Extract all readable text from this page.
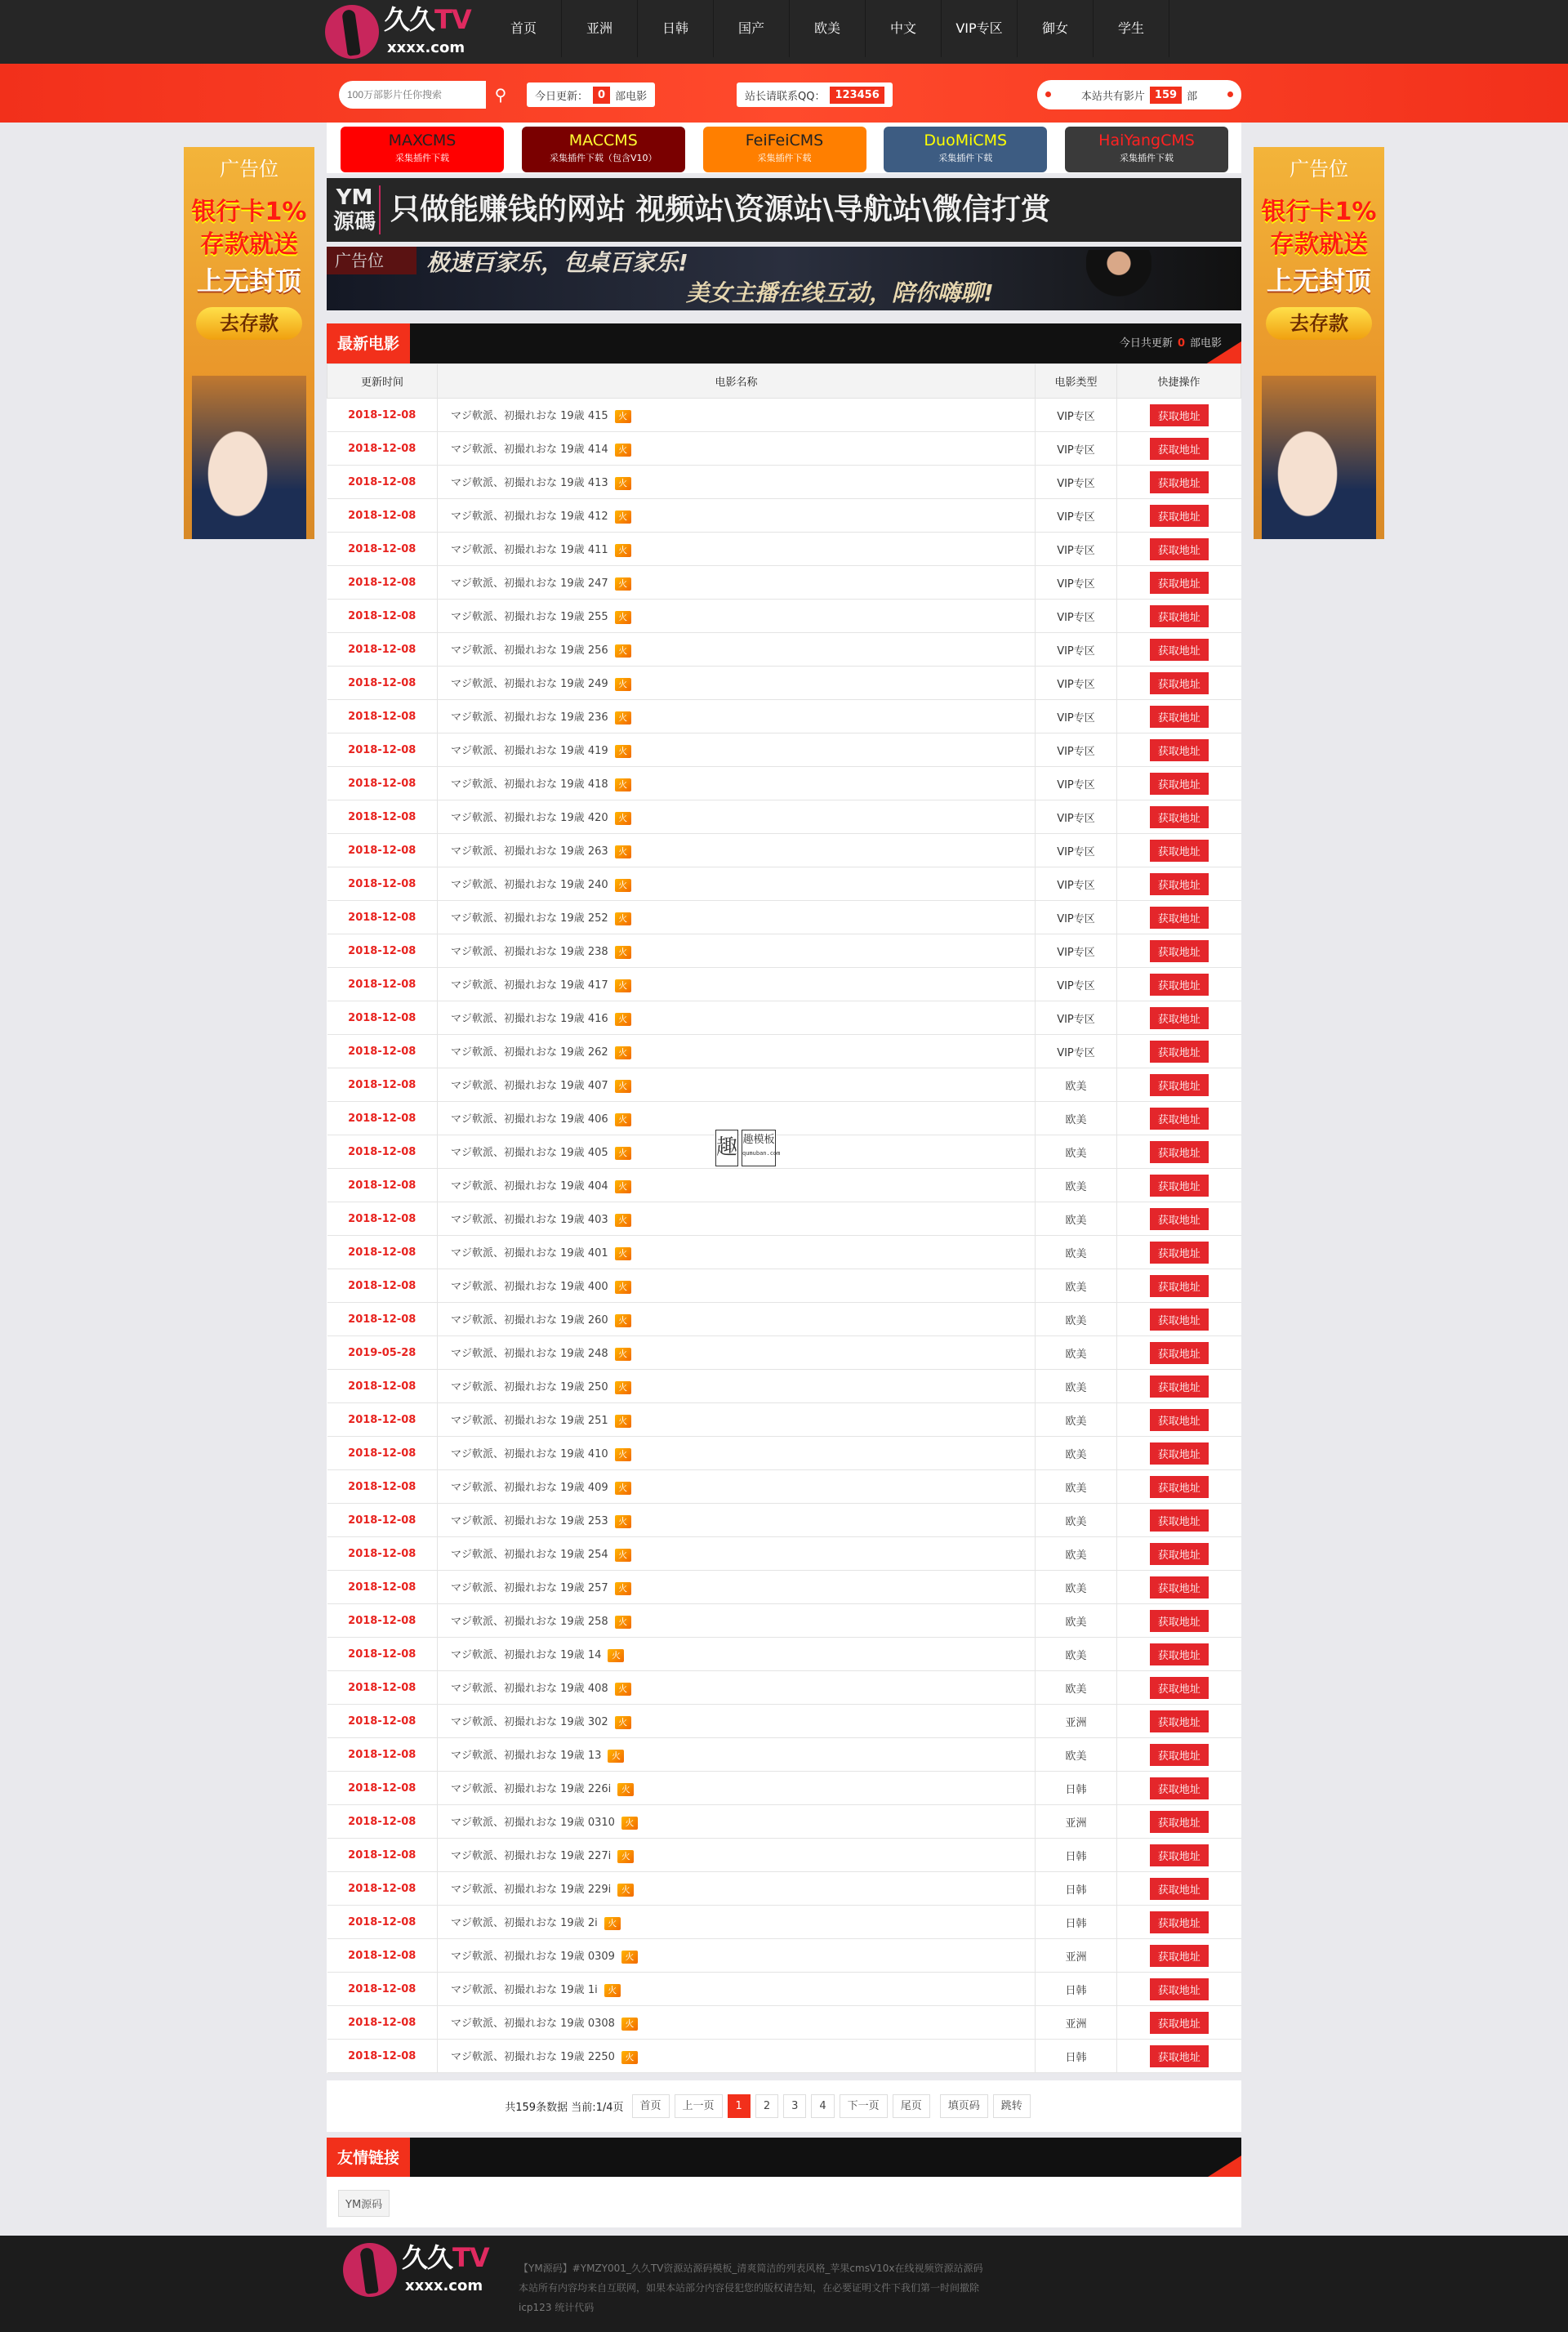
久久TV
xxxx.com
首页	亚洲	日韩	国产	欧美	中文	VIP专区	御女	学生
100万部影片任你搜索
⚲	今日更新： 0 部电影	站长请联系QQ： 123456	本站共有影片 159 部
广告位
银行卡1%
存款就送
上无封顶
去存款
广告位
银行卡1%
存款就送
上无封顶
去存款
MAXCMS
采集插件下载
MACCMS
采集插件下载（包含V10）
FeiFeiCMS
采集插件下载
DuoMiCMS
采集插件下载
HaiYangCMS
采集插件下载
YM 源碼 只做能赚钱的网站 视频站\资源站\导航站\微信打赏
广告位	极速百家乐，包桌百家乐!
美女主播在线互动，陪你嗨聊!
最新电影	今日共更新 0 部电影
更新时间	电影名称	电影类型	快捷操作
2018-12-08	マジ軟派、初撮れおな 19歳 415 火	VIP专区	获取地址
2018-12-08	マジ軟派、初撮れおな 19歳 414 火	VIP专区	获取地址
2018-12-08	マジ軟派、初撮れおな 19歳 413 火	VIP专区	获取地址
2018-12-08	マジ軟派、初撮れおな 19歳 412 火	VIP专区	获取地址
2018-12-08	マジ軟派、初撮れおな 19歳 411 火	VIP专区	获取地址
2018-12-08	マジ軟派、初撮れおな 19歳 247 火	VIP专区	获取地址
2018-12-08	マジ軟派、初撮れおな 19歳 255 火	VIP专区	获取地址
2018-12-08	マジ軟派、初撮れおな 19歳 256 火	VIP专区	获取地址
2018-12-08	マジ軟派、初撮れおな 19歳 249 火	VIP专区	获取地址
2018-12-08	マジ軟派、初撮れおな 19歳 236 火	VIP专区	获取地址
2018-12-08	マジ軟派、初撮れおな 19歳 419 火	VIP专区	获取地址
2018-12-08	マジ軟派、初撮れおな 19歳 418 火	VIP专区	获取地址
2018-12-08	マジ軟派、初撮れおな 19歳 420 火	VIP专区	获取地址
2018-12-08	マジ軟派、初撮れおな 19歳 263 火	VIP专区	获取地址
2018-12-08	マジ軟派、初撮れおな 19歳 240 火	VIP专区	获取地址
2018-12-08	マジ軟派、初撮れおな 19歳 252 火	VIP专区	获取地址
2018-12-08	マジ軟派、初撮れおな 19歳 238 火	VIP专区	获取地址
2018-12-08	マジ軟派、初撮れおな 19歳 417 火	VIP专区	获取地址
2018-12-08	マジ軟派、初撮れおな 19歳 416 火	VIP专区	获取地址
2018-12-08	マジ軟派、初撮れおな 19歳 262 火	VIP专区	获取地址
2018-12-08	マジ軟派、初撮れおな 19歳 407 火	欧美	获取地址
2018-12-08	マジ軟派、初撮れおな 19歳 406 火	欧美	获取地址
2018-12-08	マジ軟派、初撮れおな 19歳 405 火	欧美	获取地址
2018-12-08	マジ軟派、初撮れおな 19歳 404 火	欧美	获取地址
2018-12-08	マジ軟派、初撮れおな 19歳 403 火	欧美	获取地址
2018-12-08	マジ軟派、初撮れおな 19歳 401 火	欧美	获取地址
2018-12-08	マジ軟派、初撮れおな 19歳 400 火	欧美	获取地址
2018-12-08	マジ軟派、初撮れおな 19歳 260 火	欧美	获取地址
2019-05-28	マジ軟派、初撮れおな 19歳 248 火	欧美	获取地址
2018-12-08	マジ軟派、初撮れおな 19歳 250 火	欧美	获取地址
2018-12-08	マジ軟派、初撮れおな 19歳 251 火	欧美	获取地址
2018-12-08	マジ軟派、初撮れおな 19歳 410 火	欧美	获取地址
2018-12-08	マジ軟派、初撮れおな 19歳 409 火	欧美	获取地址
2018-12-08	マジ軟派、初撮れおな 19歳 253 火	欧美	获取地址
2018-12-08	マジ軟派、初撮れおな 19歳 254 火	欧美	获取地址
2018-12-08	マジ軟派、初撮れおな 19歳 257 火	欧美	获取地址
2018-12-08	マジ軟派、初撮れおな 19歳 258 火	欧美	获取地址
2018-12-08	マジ軟派、初撮れおな 19歳 14 火	欧美	获取地址
2018-12-08	マジ軟派、初撮れおな 19歳 408 火	欧美	获取地址
2018-12-08	マジ軟派、初撮れおな 19歳 302 火	亚洲	获取地址
2018-12-08	マジ軟派、初撮れおな 19歳 13 火	欧美	获取地址
2018-12-08	マジ軟派、初撮れおな 19歳 226i 火	日韩	获取地址
2018-12-08	マジ軟派、初撮れおな 19歳 0310 火	亚洲	获取地址
2018-12-08	マジ軟派、初撮れおな 19歳 227i 火	日韩	获取地址
2018-12-08	マジ軟派、初撮れおな 19歳 229i 火	日韩	获取地址
2018-12-08	マジ軟派、初撮れおな 19歳 2i 火	日韩	获取地址
2018-12-08	マジ軟派、初撮れおな 19歳 0309 火	亚洲	获取地址
2018-12-08	マジ軟派、初撮れおな 19歳 1i 火	日韩	获取地址
2018-12-08	マジ軟派、初撮れおな 19歳 0308 火	亚洲	获取地址
2018-12-08	マジ軟派、初撮れおな 19歳 2250 火	日韩	获取地址
趣 趣模板
qumuban.com
共159条数据 当前:1/4页	首页	上一页	1	2	3	4	下一页	尾页	填页码	跳转
友情链接
YM源码
久久TV
xxxx.com
【YM源码】#YMZY001_久久TV资源站源码模板_清爽简洁的列表风格_苹果cmsV10x在线视频资源站源码
本站所有内容均来自互联网，如果本站部分内容侵犯您的版权请告知，在必要证明文件下我们第一时间撤除
icp123 统计代码
